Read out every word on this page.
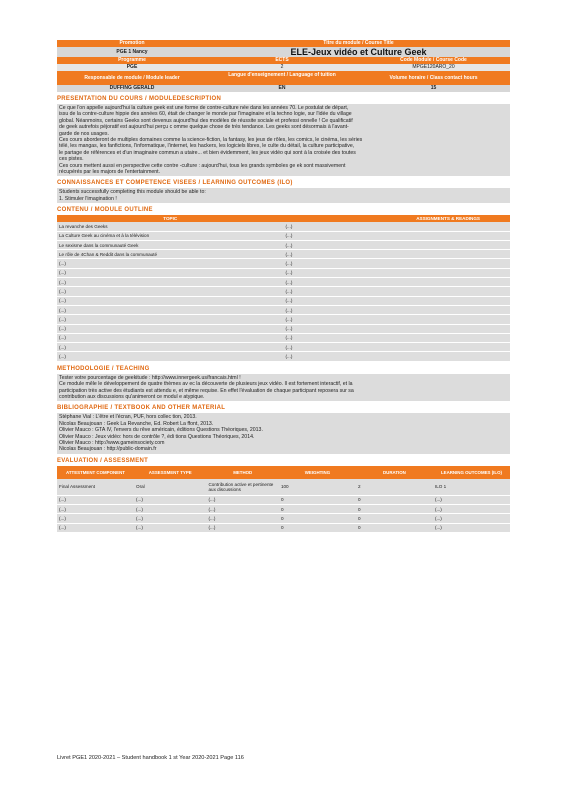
Promotion	Titre du module / Course Title
PGE 1 Nancy	ELE-Jeux vidéo et Culture Geek
Programme	ECTS	Code Module / Course Code
PGE	2	MPGE120ARO_20
Responsable de module / Module leader	Langue d'enseignement / Language of tuition	Volume horaire / Class contact hours
DUFFING GERALD	EN	15
PRESENTATION DU COURS / MODULEDESCRIPTION
Ce que l'on appelle aujourd'hui la culture geek est une forme de contre-culture née dans les années 70. Le postulat de départ,
issu de la contre-culture hippie des années 60, était de changer le monde par l'imaginaire et la techno logie, sur l'idée du village
global. Néanmoins, certains Geeks sont devenus aujourd'hui des modèles de réussite sociale et professi onnelle ! Ce qualificatif
de geek autrefois péjoratif est aujourd'hui perçu c omme quelque chose de très tendance. Les geeks sont désormais à l'avant-
garde de nos usages.
Ces cours aborderont de multiples domaines comme la science-fiction, la fantasy, les jeux de rôles, les comics, le cinéma, les séries
télé, les mangas, les fanfictions, l'informatique, l'internet, les hackers, les logiciels libres, le culte du détail, la culture participative,
le partage de références et d'un imaginaire commun a utaire... et bien évidemment, les jeux vidéo qui sont à la croisée des toutes
ces pistes.
Ces cours mettent aussi en perspective cette contre -culture : aujourd'hui, tous les grands symboles ge ek sont massivement
récupérés par les majors de l'entertainment.
CONNAISSANCES ET COMPETENCE VISEES / LEARNING OUTCOMES (ILO)
Students successfully completing this module should be able to:
1. Stimuler l'imagination !
CONTENU / MODULE OUTLINE
TOPIC	ASSIGNMENTS & READINGS
La revanche des Geeks	(...)
La Culture Geek au cinéma et à la télévision	(...)
Le sexisme dans la communauté Geek	(...)
Le rôle de 4Chan & Reddit dans la communauté	(...)
(...)	(...)
(...)	(...)
(...)	(...)
(...)	(...)
(...)	(...)
(...)	(...)
(...)	(...)
(...)	(...)
(...)	(...)
(...)	(...)
(...)	(...)
METHODOLOGIE / TEACHING
Tester votre pourcentage de geekitude : http://www.innergeek.us/francais.html !
Ce module mêle le développement de quatre thèmes av ec la découverte de plusieurs jeux vidéo. Il est fortement interactif, et la
participation très active des étudiants est attendu e, et même requise. En effet l'évaluation de chaque participant reposera sur sa
contribution aux discussions qu'animeront ce modul e atypique.
BIBLIOGRAPHIE / TEXTBOOK AND OTHER MATERIAL
Stéphane Vial : L'être et l'écran, PUF, hors collec tion, 2013.
Nicolas Beaujouan : Geek La Revanche, Ed. Robert La ffont, 2013.
Olivier Mauco : GTA IV, l'envers du rêve américain, éditions Questions Théoriques, 2013.
Olivier Mauco : Jeux vidéo: hors de contrôle ?, édi tions Questions Théoriques, 2014.
Olivier Mauco : http://www.gameinsociety.com
Nicolas Beaujouan : http://public-domain.fr
EVALUATION / ASSESSMENT
ATTESTMENT COMPONENT	ASSESSMENT TYPE	METHOD	WEIGHTING	DURATION	LEARNING OUTCOMES (ILO)
Final Assessment	Oral	Contribution active et pertinente aux discussions	100	2	ILO 1
(...)	(...)	(...)	0	0	(...)
(...)	(...)	(...)	0	0	(...)
(...)	(...)	(...)	0	0	(...)
(...)	(...)	(...)	0	0	(...)
Livret PGE1 2020-2021 – Student handbook 1 st Year 2020-2021 Page 116
